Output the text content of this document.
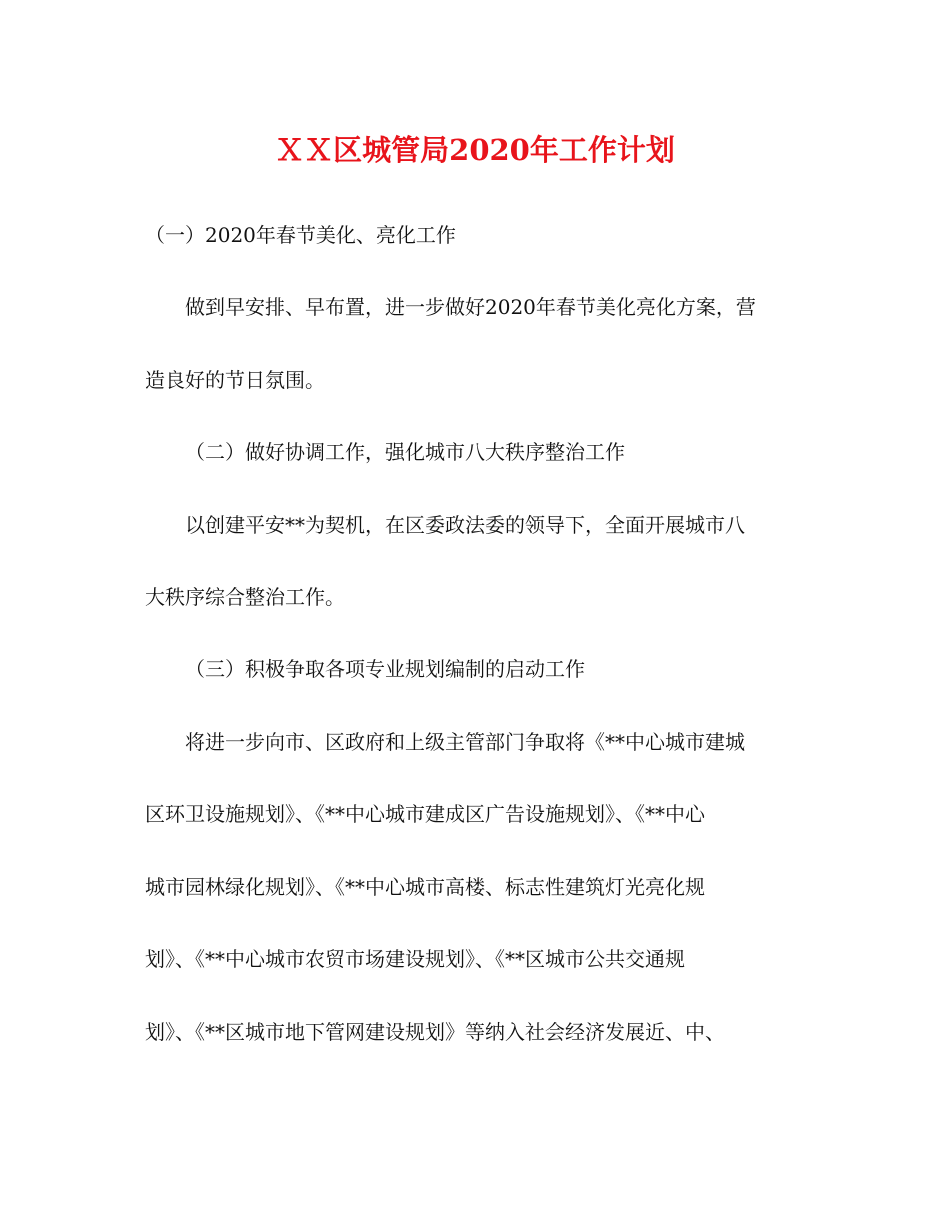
ＸＸ区城管局2020年工作计划
（一）2020年春节美化、亮化工作
做到早安排、早布置，进一步做好2020年春节美化亮化方案，营
造良好的节日氛围。
（二）做好协调工作，强化城市八大秩序整治工作
以创建平安**为契机，在区委政法委的领导下，全面开展城市八
大秩序综合整治工作。
（三）积极争取各项专业规划编制的启动工作
将进一步向市、区政府和上级主管部门争取将《**中心城市建城
区环卫设施规划》、《**中心城市建成区广告设施规划》、《**中心
城市园林绿化规划》、《**中心城市高楼、标志性建筑灯光亮化规
划》、《**中心城市农贸市场建设规划》、《**区城市公共交通规
划》、《**区城市地下管网建设规划》等纳入社会经济发展近、中、
